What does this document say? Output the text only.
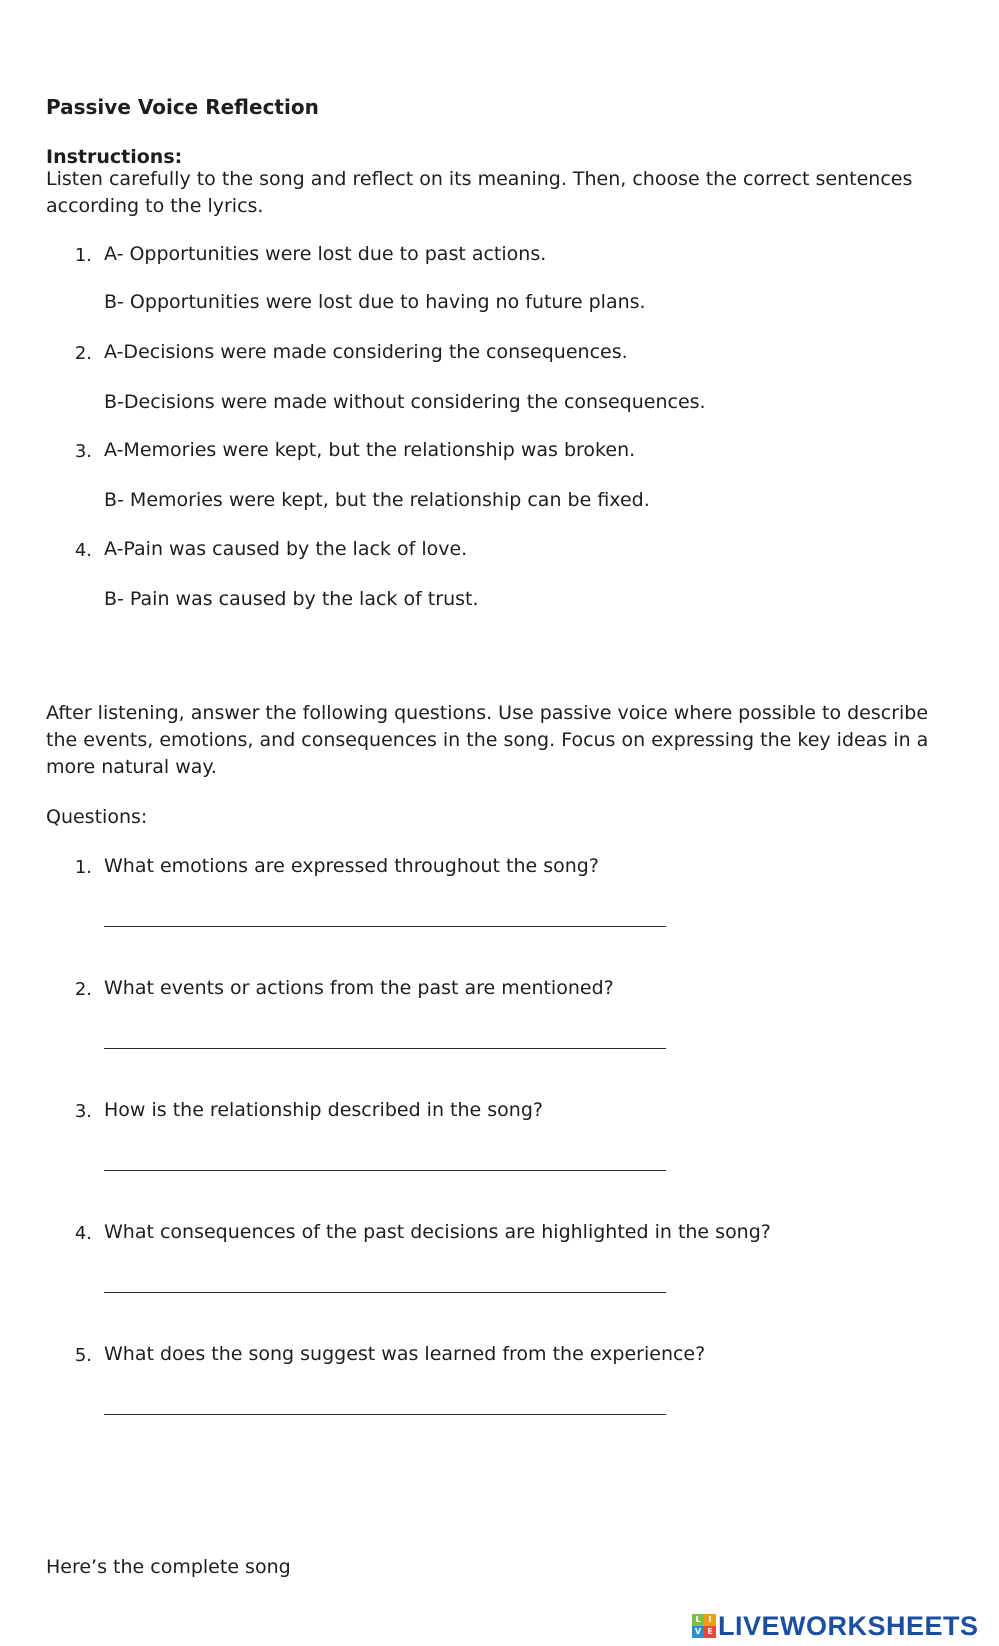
Passive Voice Reflection
Instructions:
Listen carefully to the song and reflect on its meaning. Then, choose the correct sentences according to the lyrics.
1. A- Opportunities were lost due to past actions.
B- Opportunities were lost due to having no future plans.
2. A-Decisions were made considering the consequences.
B-Decisions were made without considering the consequences.
3. A-Memories were kept, but the relationship was broken.
B- Memories were kept, but the relationship can be fixed.
4. A-Pain was caused by the lack of love.
B- Pain was caused by the lack of trust.
After listening, answer the following questions. Use passive voice where possible to describe the events, emotions, and consequences in the song. Focus on expressing the key ideas in a more natural way.
Questions:
1. What emotions are expressed throughout the song?
2. What events or actions from the past are mentioned?
3. How is the relationship described in the song?
4. What consequences of the past decisions are highlighted in the song?
5. What does the song suggest was learned from the experience?
Here’s the complete song
L I
V E LIVEWORKSHEETS
